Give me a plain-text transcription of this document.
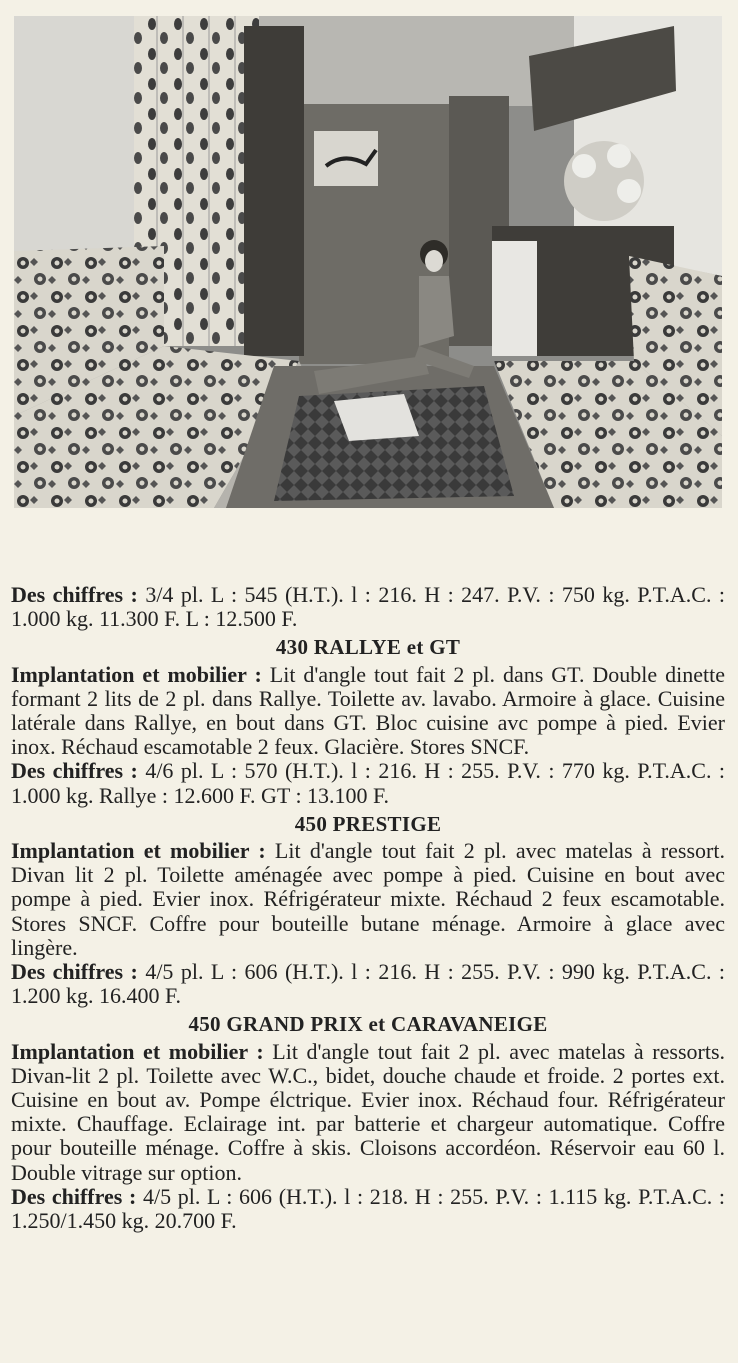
Des chiffres : 3/4 pl. L : 545 (H.T.). l : 216. H : 247. P.V. : 750 kg. P.T.A.C. : 1.000 kg. 11.300 F. L : 12.500 F.

430 RALLYE et GT

Implantation et mobilier : Lit d'angle tout fait 2 pl. dans GT. Double dinette formant 2 lits de 2 pl. dans Rallye. Toilette av. lavabo. Armoire à glace. Cuisine latérale dans Rallye, en bout dans GT. Bloc cuisine avc pompe à pied. Evier inox. Réchaud escamotable 2 feux. Glacière. Stores SNCF.

Des chiffres : 4/6 pl. L : 570 (H.T.). l : 216. H : 255. P.V. : 770 kg. P.T.A.C. : 1.000 kg. Rallye : 12.600 F. GT : 13.100 F.

450 PRESTIGE

Implantation et mobilier : Lit d'angle tout fait 2 pl. avec matelas à ressort. Divan lit 2 pl. Toilette aménagée avec pompe à pied. Cuisine en bout avec pompe à pied. Evier inox. Réfrigérateur mixte. Réchaud 2 feux escamotable. Stores SNCF. Coffre pour bouteille butane ménage. Armoire à glace avec lingère.

Des chiffres : 4/5 pl. L : 606 (H.T.). l : 216. H : 255. P.V. : 990 kg. P.T.A.C. : 1.200 kg. 16.400 F.

450 GRAND PRIX et CARAVANEIGE

Implantation et mobilier : Lit d'angle tout fait 2 pl. avec matelas à ressorts. Divan-lit 2 pl. Toilette avec W.C., bidet, douche chaude et froide. 2 portes ext. Cuisine en bout av. Pompe élctrique. Evier inox. Réchaud four. Réfrigérateur mixte. Chauffage. Eclairage int. par batterie et chargeur automatique. Coffre pour bouteille ménage. Coffre à skis. Cloisons accordéon. Réservoir eau 60 l. Double vitrage sur option.

Des chiffres : 4/5 pl. L : 606 (H.T.). l : 218. H : 255. P.V. : 1.115 kg. P.T.A.C. : 1.250/1.450 kg. 20.700 F.
